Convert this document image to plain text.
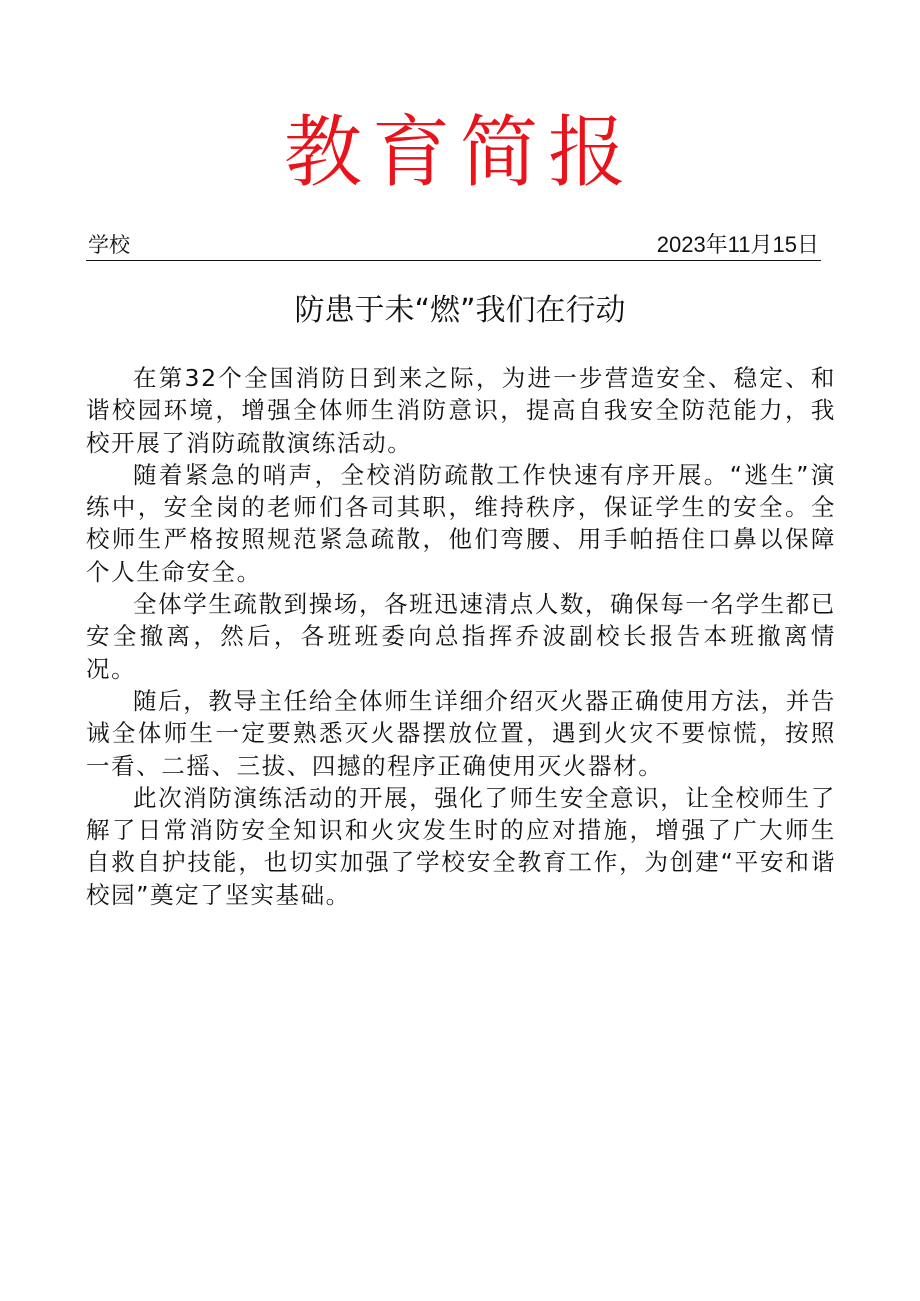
教育简报
学校	2023年11月15日
防患于未“燃”我们在行动

在第32个全国消防日到来之际，为进一步营造安全、稳定、和谐校园环境，增强全体师生消防意识，提高自我安全防范能力，我校开展了消防疏散演练活动。

随着紧急的哨声，全校消防疏散工作快速有序开展。“逃生”演练中，安全岗的老师们各司其职，维持秩序，保证学生的安全。全校师生严格按照规范紧急疏散，他们弯腰、用手帕捂住口鼻以保障个人生命安全。

全体学生疏散到操场，各班迅速清点人数，确保每一名学生都已安全撤离，然后，各班班委向总指挥乔波副校长报告本班撤离情况。

随后，教导主任给全体师生详细介绍灭火器正确使用方法，并告诫全体师生一定要熟悉灭火器摆放位置，遇到火灾不要惊慌，按照一看、二摇、三拔、四撼的程序正确使用灭火器材。

此次消防演练活动的开展，强化了师生安全意识，让全校师生了解了日常消防安全知识和火灾发生时的应对措施，增强了广大师生自救自护技能，也切实加强了学校安全教育工作，为创建“平安和谐校园”奠定了坚实基础。
